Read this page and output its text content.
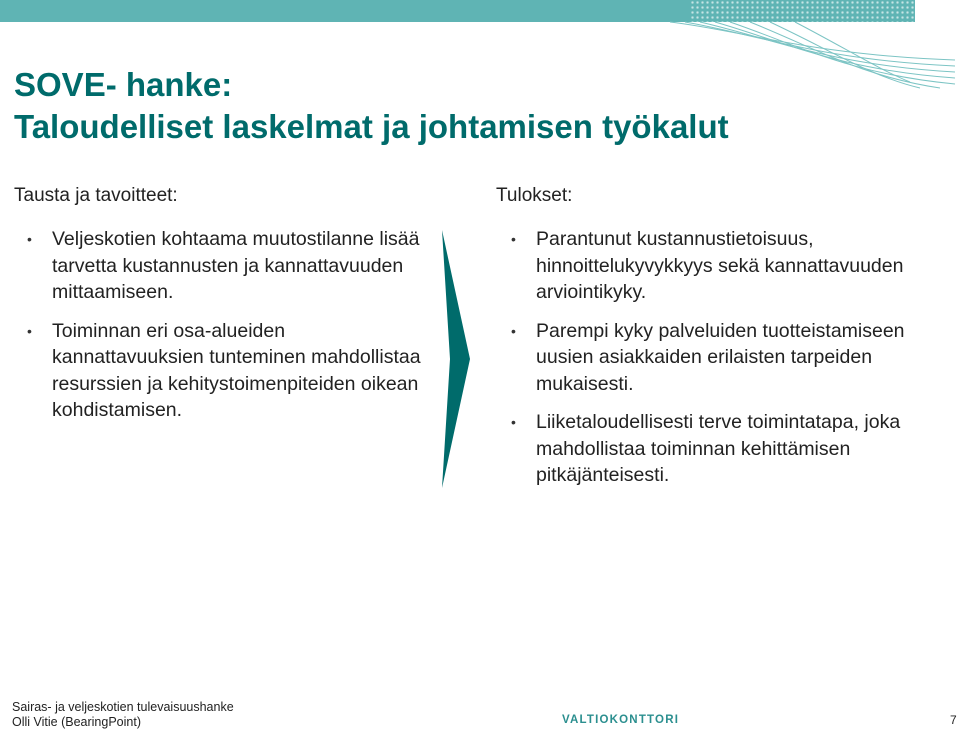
SOVE- hanke:
Taloudelliset laskelmat ja johtamisen työkalut
Tausta ja tavoitteet:
• Veljeskotien kohtaama muutostilanne lisää tarvetta kustannusten ja kannattavuuden mittaamiseen.
• Toiminnan eri osa-alueiden kannattavuuksien tunteminen mahdollistaa resurssien ja kehitystoimenpiteiden oikean kohdistamisen.
Tulokset:
• Parantunut kustannustietoisuus, hinnoittelukyvykkyys sekä kannattavuuden arviointikyky.
• Parempi kyky palveluiden tuotteistamiseen uusien asiakkaiden erilaisten tarpeiden mukaisesti.
• Liiketaloudellisesti terve toimintatapa, joka mahdollistaa toiminnan kehittämisen pitkäjänteisesti.
Sairas- ja veljeskotien tulevaisuushanke
Olli Vitie (BearingPoint)	VALTIOKONTTORI	7
